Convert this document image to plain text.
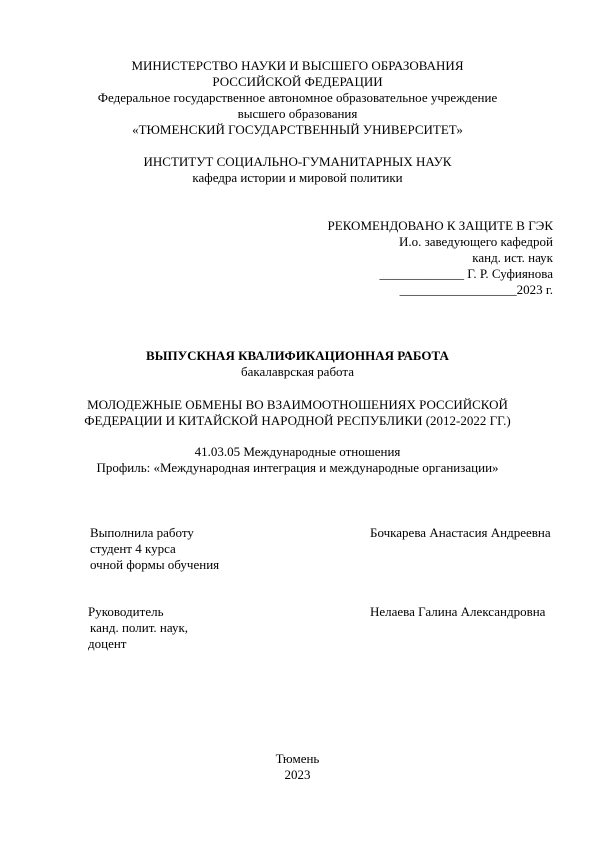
МИНИСТЕРСТВО НАУКИ И ВЫСШЕГО ОБРАЗОВАНИЯ
РОССИЙСКОЙ ФЕДЕРАЦИИ
Федеральное государственное автономное образовательное учреждение
высшего образования
«ТЮМЕНСКИЙ ГОСУДАРСТВЕННЫЙ УНИВЕРСИТЕТ»
ИНСТИТУТ СОЦИАЛЬНО-ГУМАНИТАРНЫХ НАУК
кафедра истории и мировой политики
РЕКОМЕНДОВАНО К ЗАЩИТЕ В ГЭК
И.о. заведующего кафедрой
канд. ист. наук
_____________ Г. Р. Суфиянова
__________________2023 г.
ВЫПУСКНАЯ КВАЛИФИКАЦИОННАЯ РАБОТА
бакалаврская работа
МОЛОДЕЖНЫЕ ОБМЕНЫ ВО ВЗАИМООТНОШЕНИЯХ РОССИЙСКОЙ
ФЕДЕРАЦИИ И КИТАЙСКОЙ НАРОДНОЙ РЕСПУБЛИКИ (2012-2022 ГГ.)
41.03.05 Международные отношения
Профиль: «Международная интеграция и международные организации»
Выполнила работу
студент 4 курса
очной формы обучения
Бочкарева Анастасия Андреевна
Руководитель
канд. полит. наук,
доцент
Нелаева Галина Александровна
Тюмень
2023
